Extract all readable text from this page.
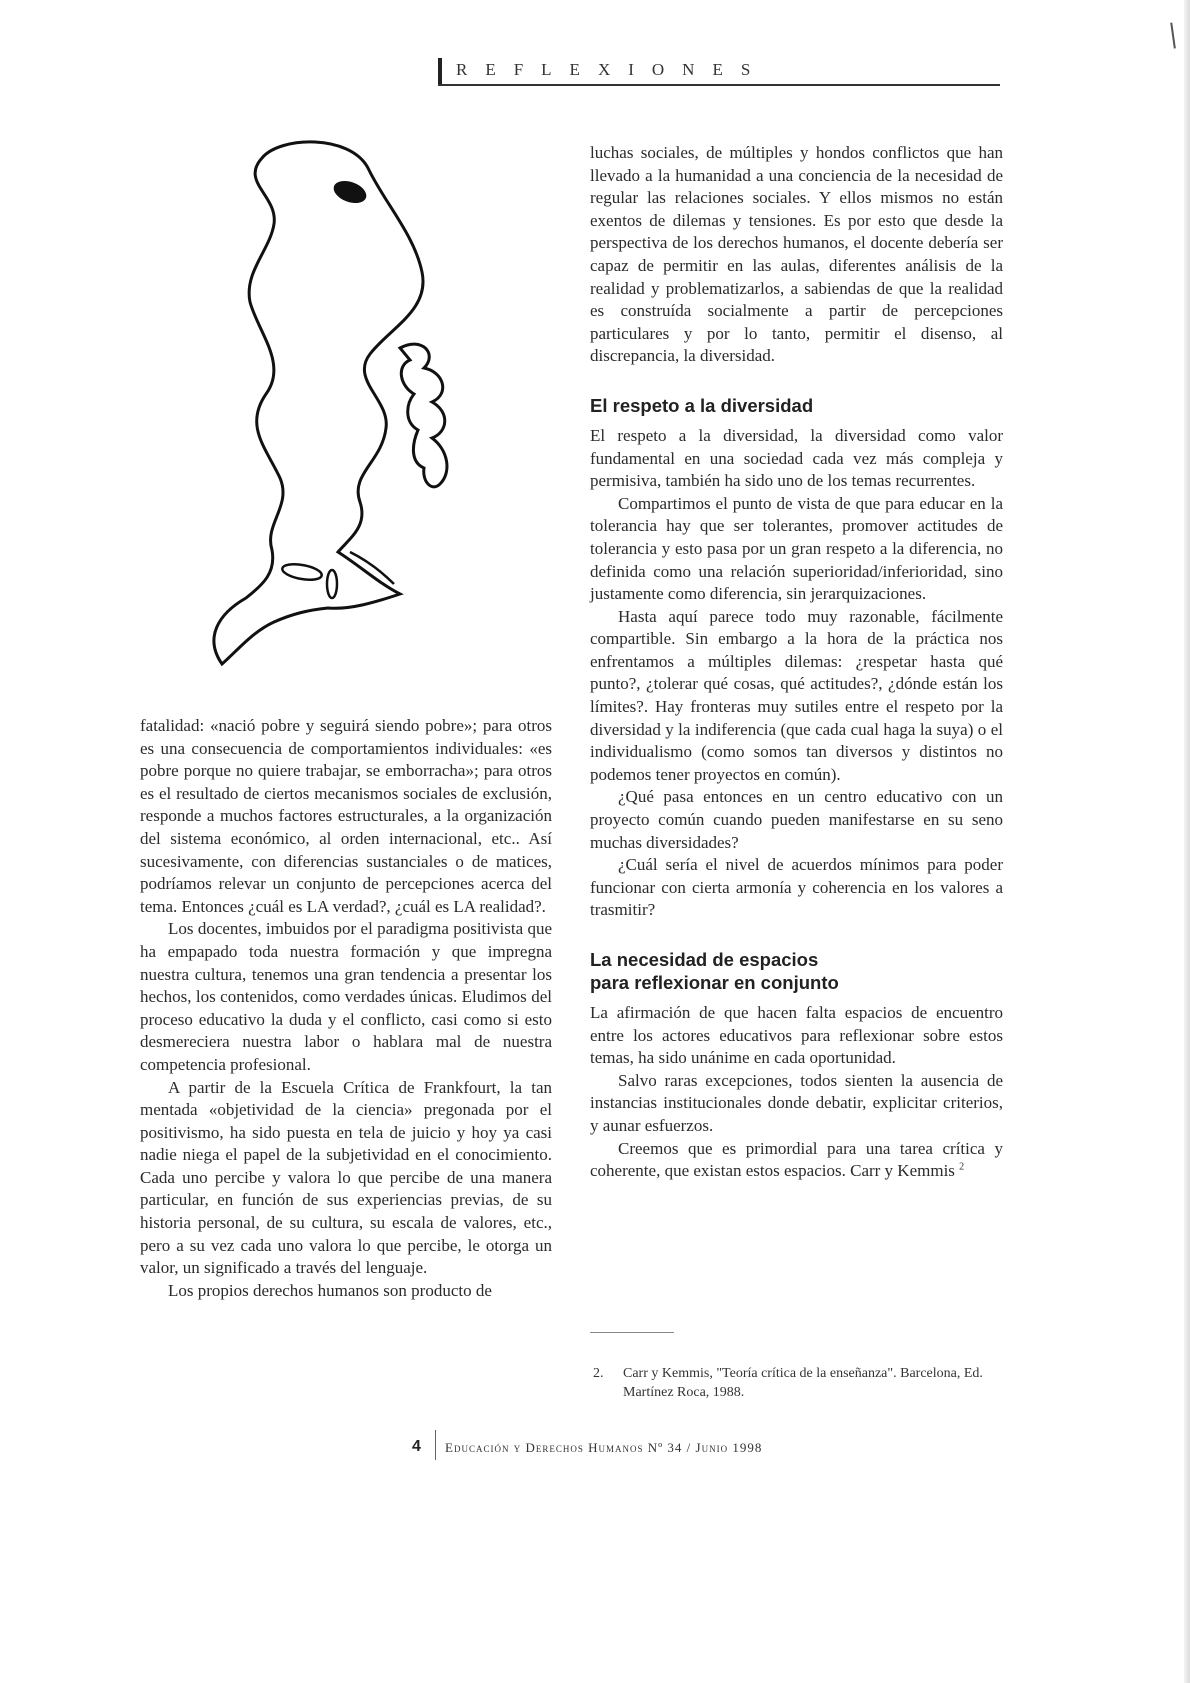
REFLEXIONES

fatalidad: «nació pobre y seguirá siendo pobre»; para otros es una consecuencia de comportamientos individuales: «es pobre porque no quiere trabajar, se emborracha»; para otros es el resultado de ciertos mecanismos sociales de exclusión, responde a muchos factores estructurales, a la organización del sistema económico, al orden internacional, etc.. Así sucesivamente, con diferencias sustanciales o de matices, podríamos relevar un conjunto de percepciones acerca del tema. Entonces ¿cuál es LA verdad?, ¿cuál es LA realidad?.

Los docentes, imbuidos por el paradigma positivista que ha empapado toda nuestra formación y que impregna nuestra cultura, tenemos una gran tendencia a presentar los hechos, los contenidos, como verdades únicas. Eludimos del proceso educativo la duda y el conflicto, casi como si esto desmereciera nuestra labor o hablara mal de nuestra competencia profesional.

A partir de la Escuela Crítica de Frankfourt, la tan mentada «objetividad de la ciencia» pregonada por el positivismo, ha sido puesta en tela de juicio y hoy ya casi nadie niega el papel de la subjetividad en el conocimiento. Cada uno percibe y valora lo que percibe de una manera particular, en función de sus experiencias previas, de su historia personal, de su cultura, su escala de valores, etc., pero a su vez cada uno valora lo que percibe, le otorga un valor, un significado a través del lenguaje.

Los propios derechos humanos son producto de

luchas sociales, de múltiples y hondos conflictos que han llevado a la humanidad a una conciencia de la necesidad de regular las relaciones sociales. Y ellos mismos no están exentos de dilemas y tensiones. Es por esto que desde la perspectiva de los derechos humanos, el docente debería ser capaz de permitir en las aulas, diferentes análisis de la realidad y problematizarlos, a sabiendas de que la realidad es construída socialmente a partir de percepciones particulares y por lo tanto, permitir el disenso, al discrepancia, la diversidad.

El respeto a la diversidad

El respeto a la diversidad, la diversidad como valor fundamental en una sociedad cada vez más compleja y permisiva, también ha sido uno de los temas recurrentes.

Compartimos el punto de vista de que para educar en la tolerancia hay que ser tolerantes, promover actitudes de tolerancia y esto pasa por un gran respeto a la diferencia, no definida como una relación superioridad/inferioridad, sino justamente como diferencia, sin jerarquizaciones.

Hasta aquí parece todo muy razonable, fácilmente compartible. Sin embargo a la hora de la práctica nos enfrentamos a múltiples dilemas: ¿respetar hasta qué punto?, ¿tolerar qué cosas, qué actitudes?, ¿dónde están los límites?. Hay fronteras muy sutiles entre el respeto por la diversidad y la indiferencia (que cada cual haga la suya) o el individualismo (como somos tan diversos y distintos no podemos tener proyectos en común).

¿Qué pasa entonces en un centro educativo con un proyecto común cuando pueden manifestarse en su seno muchas diversidades?

¿Cuál sería el nivel de acuerdos mínimos para poder funcionar con cierta armonía y coherencia en los valores a trasmitir?

La necesidad de espacios
para reflexionar en conjunto

La afirmación de que hacen falta espacios de encuentro entre los actores educativos para reflexionar sobre estos temas, ha sido unánime en cada oportunidad.

Salvo raras excepciones, todos sienten la ausencia de instancias institucionales donde debatir, explicitar criterios, y aunar esfuerzos.

Creemos que es primordial para una tarea crítica y coherente, que existan estos espacios. Carr y Kemmis $^2$

2. Carr y Kemmis, "Teoría crítica de la enseñanza". Barcelona, Ed. Martínez Roca, 1988.
4 Educación y Derechos Humanos Nº 34 / Junio 1998
